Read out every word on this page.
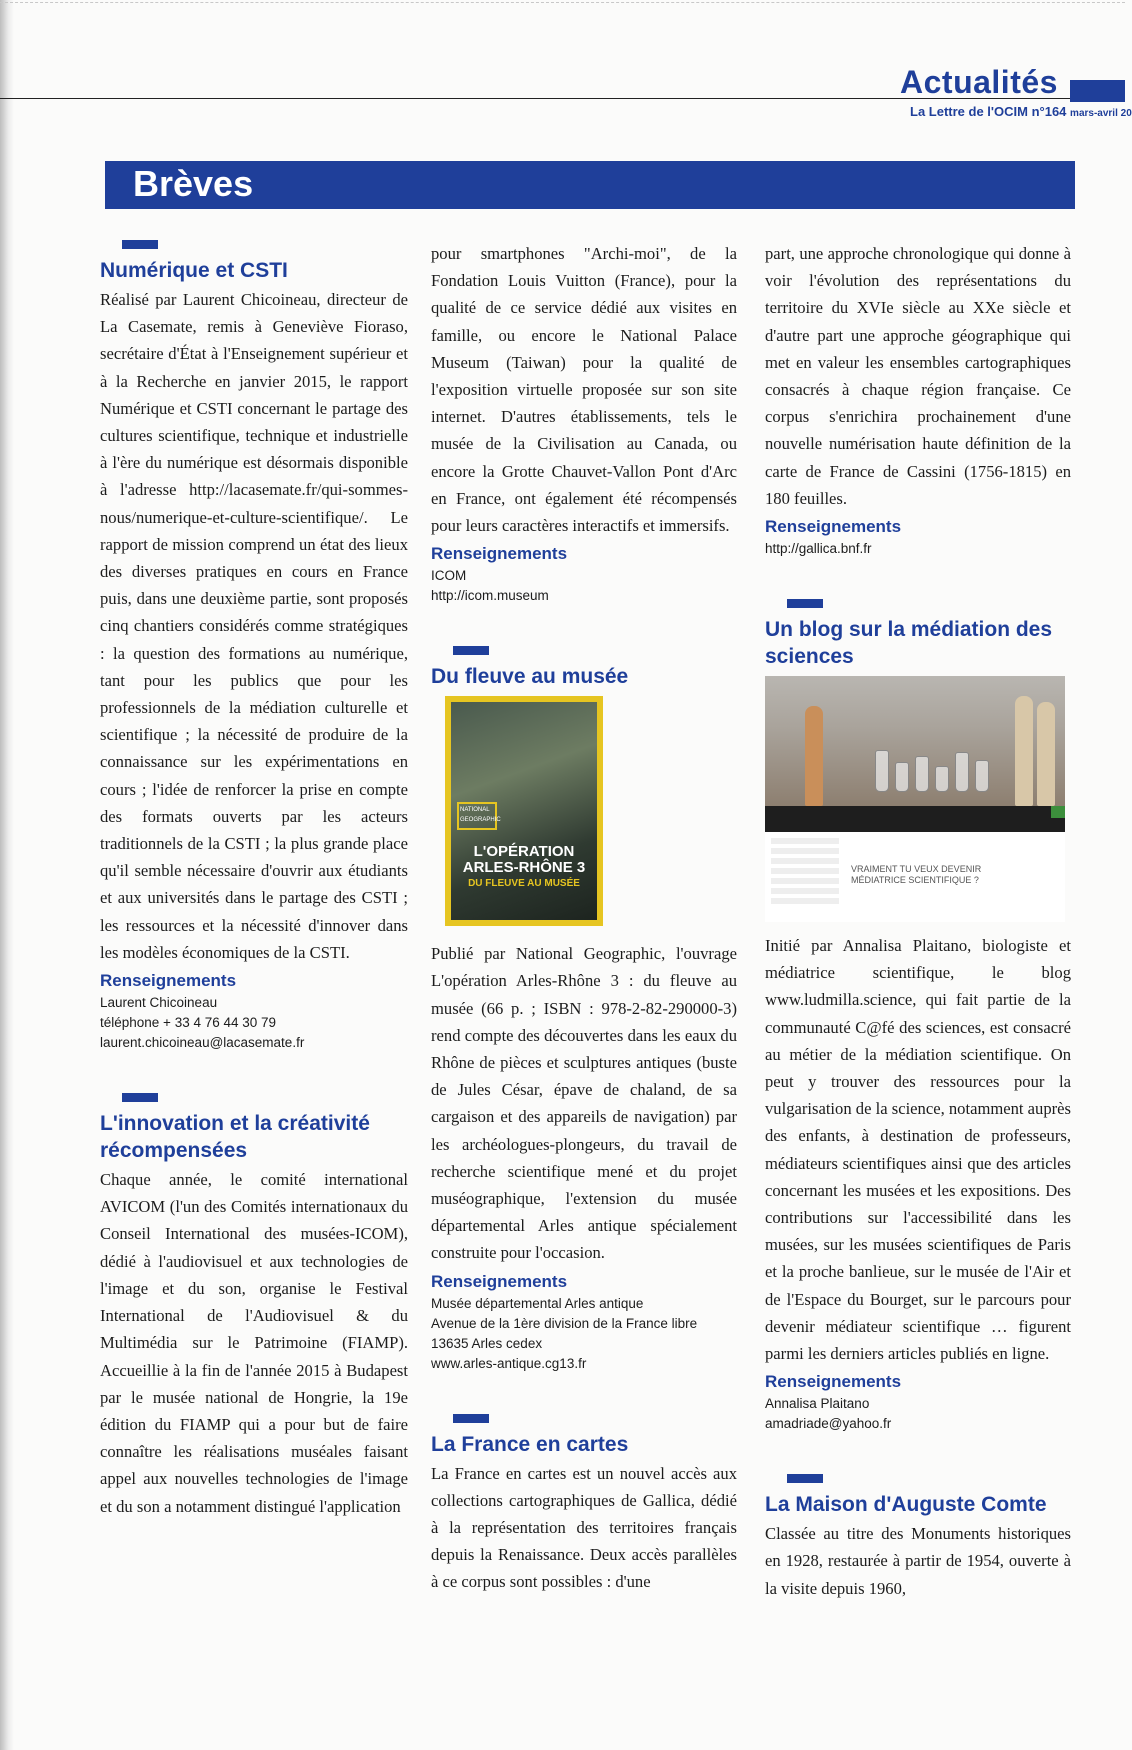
Actualités
La Lettre de l'OCIM n°164 mars-avril 20
Brèves
Numérique et CSTI

Réalisé par Laurent Chicoineau, directeur de La Casemate, remis à Geneviève Fioraso, secrétaire d'État à l'Enseignement supérieur et à la Recherche en janvier 2015, le rapport Numérique et CSTI concernant le partage des cultures scientifique, technique et industrielle à l'ère du numérique est désormais disponible à l'adresse http://lacasemate.fr/qui-sommes-nous/numerique-et-culture-scientifique/. Le rapport de mission comprend un état des lieux des diverses pratiques en cours en France puis, dans une deuxième partie, sont proposés cinq chantiers considérés comme stratégiques : la question des formations au numérique, tant pour les publics que pour les professionnels de la médiation culturelle et scientifique ; la nécessité de produire de la connaissance sur les expérimentations en cours ; l'idée de renforcer la prise en compte des formats ouverts par les acteurs traditionnels de la CSTI ; la plus grande place qu'il semble nécessaire d'ouvrir aux étudiants et aux universités dans le partage des CSTI ; les ressources et la nécessité d'innover dans les modèles économiques de la CSTI.

Renseignements

Laurent Chicoineau

téléphone + 33 4 76 44 30 79

laurent.chicoineau@lacasemate.fr

L'innovation et la créativité récompensées

Chaque année, le comité international AVICOM (l'un des Comités internationaux du Conseil International des musées-ICOM), dédié à l'audiovisuel et aux technologies de l'image et du son, organise le Festival International de l'Audiovisuel & du Multimédia sur le Patrimoine (FIAMP). Accueillie à la fin de l'année 2015 à Budapest par le musée national de Hongrie, la 19e édition du FIAMP qui a pour but de faire connaître les réalisations muséales faisant appel aux nouvelles technologies de l'image et du son a notamment distingué l'application

pour smartphones "Archi-moi", de la Fondation Louis Vuitton (France), pour la qualité de ce service dédié aux visites en famille, ou encore le National Palace Museum (Taiwan) pour la qualité de l'exposition virtuelle proposée sur son site internet. D'autres établissements, tels le musée de la Civilisation au Canada, ou encore la Grotte Chauvet-Vallon Pont d'Arc en France, ont également été récompensés pour leurs caractères interactifs et immersifs.

Renseignements

ICOM

http://icom.museum

Du fleuve au musée
NATIONAL GEOGRAPHIC
L'OPÉRATION ARLES-RHÔNE 3
DU FLEUVE AU MUSÉE

Publié par National Geographic, l'ouvrage L'opération Arles-Rhône 3 : du fleuve au musée (66 p. ; ISBN : 978-2-82-290000-3) rend compte des découvertes dans les eaux du Rhône de pièces et sculptures antiques (buste de Jules César, épave de chaland, de sa cargaison et des appareils de navigation) par les archéologues-plongeurs, du travail de recherche scientifique mené et du projet muséographique, l'extension du musée départemental Arles antique spécialement construite pour l'occasion.

Renseignements

Musée départemental Arles antique

Avenue de la 1ère division de la France libre

13635 Arles cedex

www.arles-antique.cg13.fr

La France en cartes

La France en cartes est un nouvel accès aux collections cartographiques de Gallica, dédié à la représentation des territoires français depuis la Renaissance. Deux accès parallèles à ce corpus sont possibles : d'une

part, une approche chronologique qui donne à voir l'évolution des représentations du territoire du XVIe siècle au XXe siècle et d'autre part une approche géographique qui met en valeur les ensembles cartographiques consacrés à chaque région française. Ce corpus s'enrichira prochainement d'une nouvelle numérisation haute définition de la carte de France de Cassini (1756-1815) en 180 feuilles.

Renseignements

http://gallica.bnf.fr

Un blog sur la médiation des sciences
VRAIMENT TU VEUX DEVENIR MÉDIATRICE SCIENTIFIQUE ?

Initié par Annalisa Plaitano, biologiste et médiatrice scientifique, le blog www.ludmilla.science, qui fait partie de la communauté C@fé des sciences, est consacré au métier de la médiation scientifique. On peut y trouver des ressources pour la vulgarisation de la science, notamment auprès des enfants, à destination de professeurs, médiateurs scientifiques ainsi que des articles concernant les musées et les expositions. Des contributions sur l'accessibilité dans les musées, sur les musées scientifiques de Paris et la proche banlieue, sur le musée de l'Air et de l'Espace du Bourget, sur le parcours pour devenir médiateur scientifique … figurent parmi les derniers articles publiés en ligne.

Renseignements

Annalisa Plaitano

amadriade@yahoo.fr

La Maison d'Auguste Comte

Classée au titre des Monuments historiques en 1928, restaurée à partir de 1954, ouverte à la visite depuis 1960,
